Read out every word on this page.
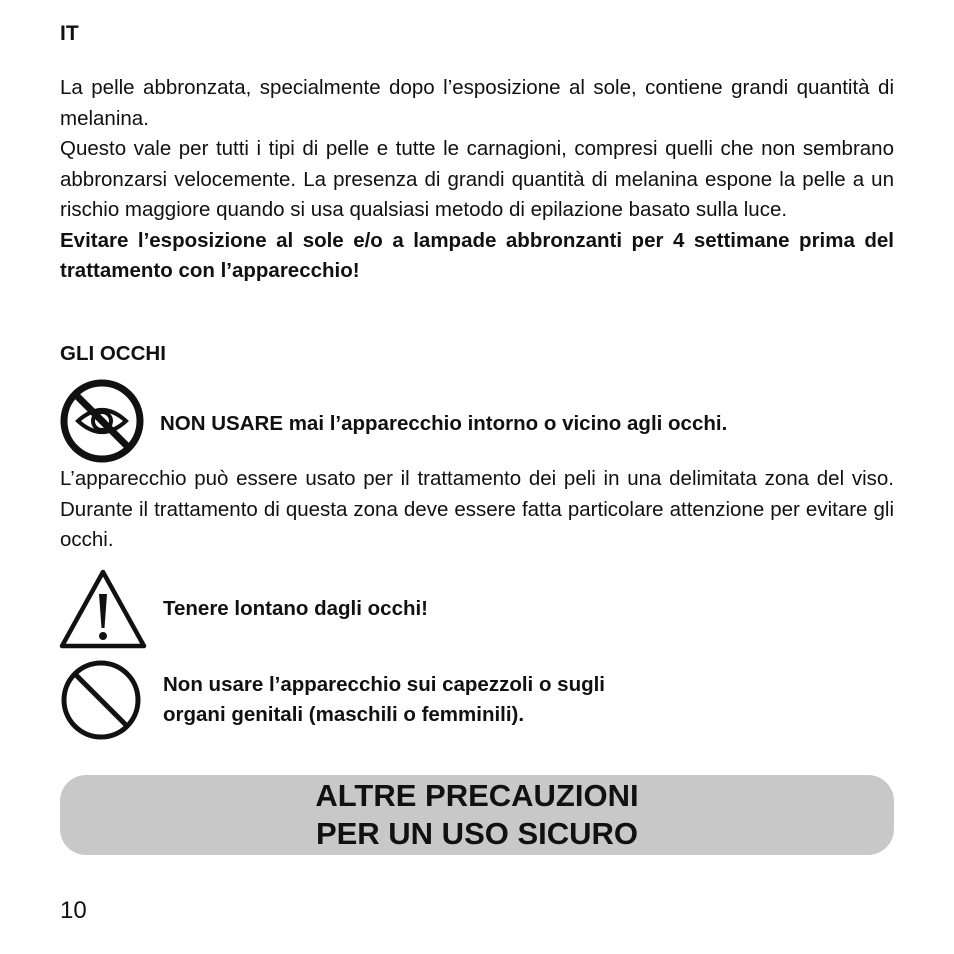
IT

La pelle abbronzata, specialmente dopo l’esposizione al sole, contiene grandi quantità di melanina.

Questo vale per tutti i tipi di pelle e tutte le carnagioni, compresi quelli che non sembrano abbronzarsi velocemente. La presenza di grandi quantità di melanina espone la pelle a un rischio maggiore quando si usa qualsiasi metodo di epilazione basato sulla luce.

Evitare l’esposizione al sole e/o a lampade abbronzanti per 4 settimane prima del trattamento con l’apparecchio!

GLI OCCHI
NON USARE mai l’apparecchio intorno o vicino agli occhi.

L’apparecchio può essere usato per il trattamento dei peli in una delimitata zona del viso. Durante il trattamento di questa zona deve essere fatta particolare attenzione per evitare gli occhi.

Tenere lontano dagli occhi!
Non usare l’apparecchio sui capezzoli o sugli
organi genitali (maschili o femminili).
ALTRE PRECAUZIONI
PER UN USO SICURO
10
